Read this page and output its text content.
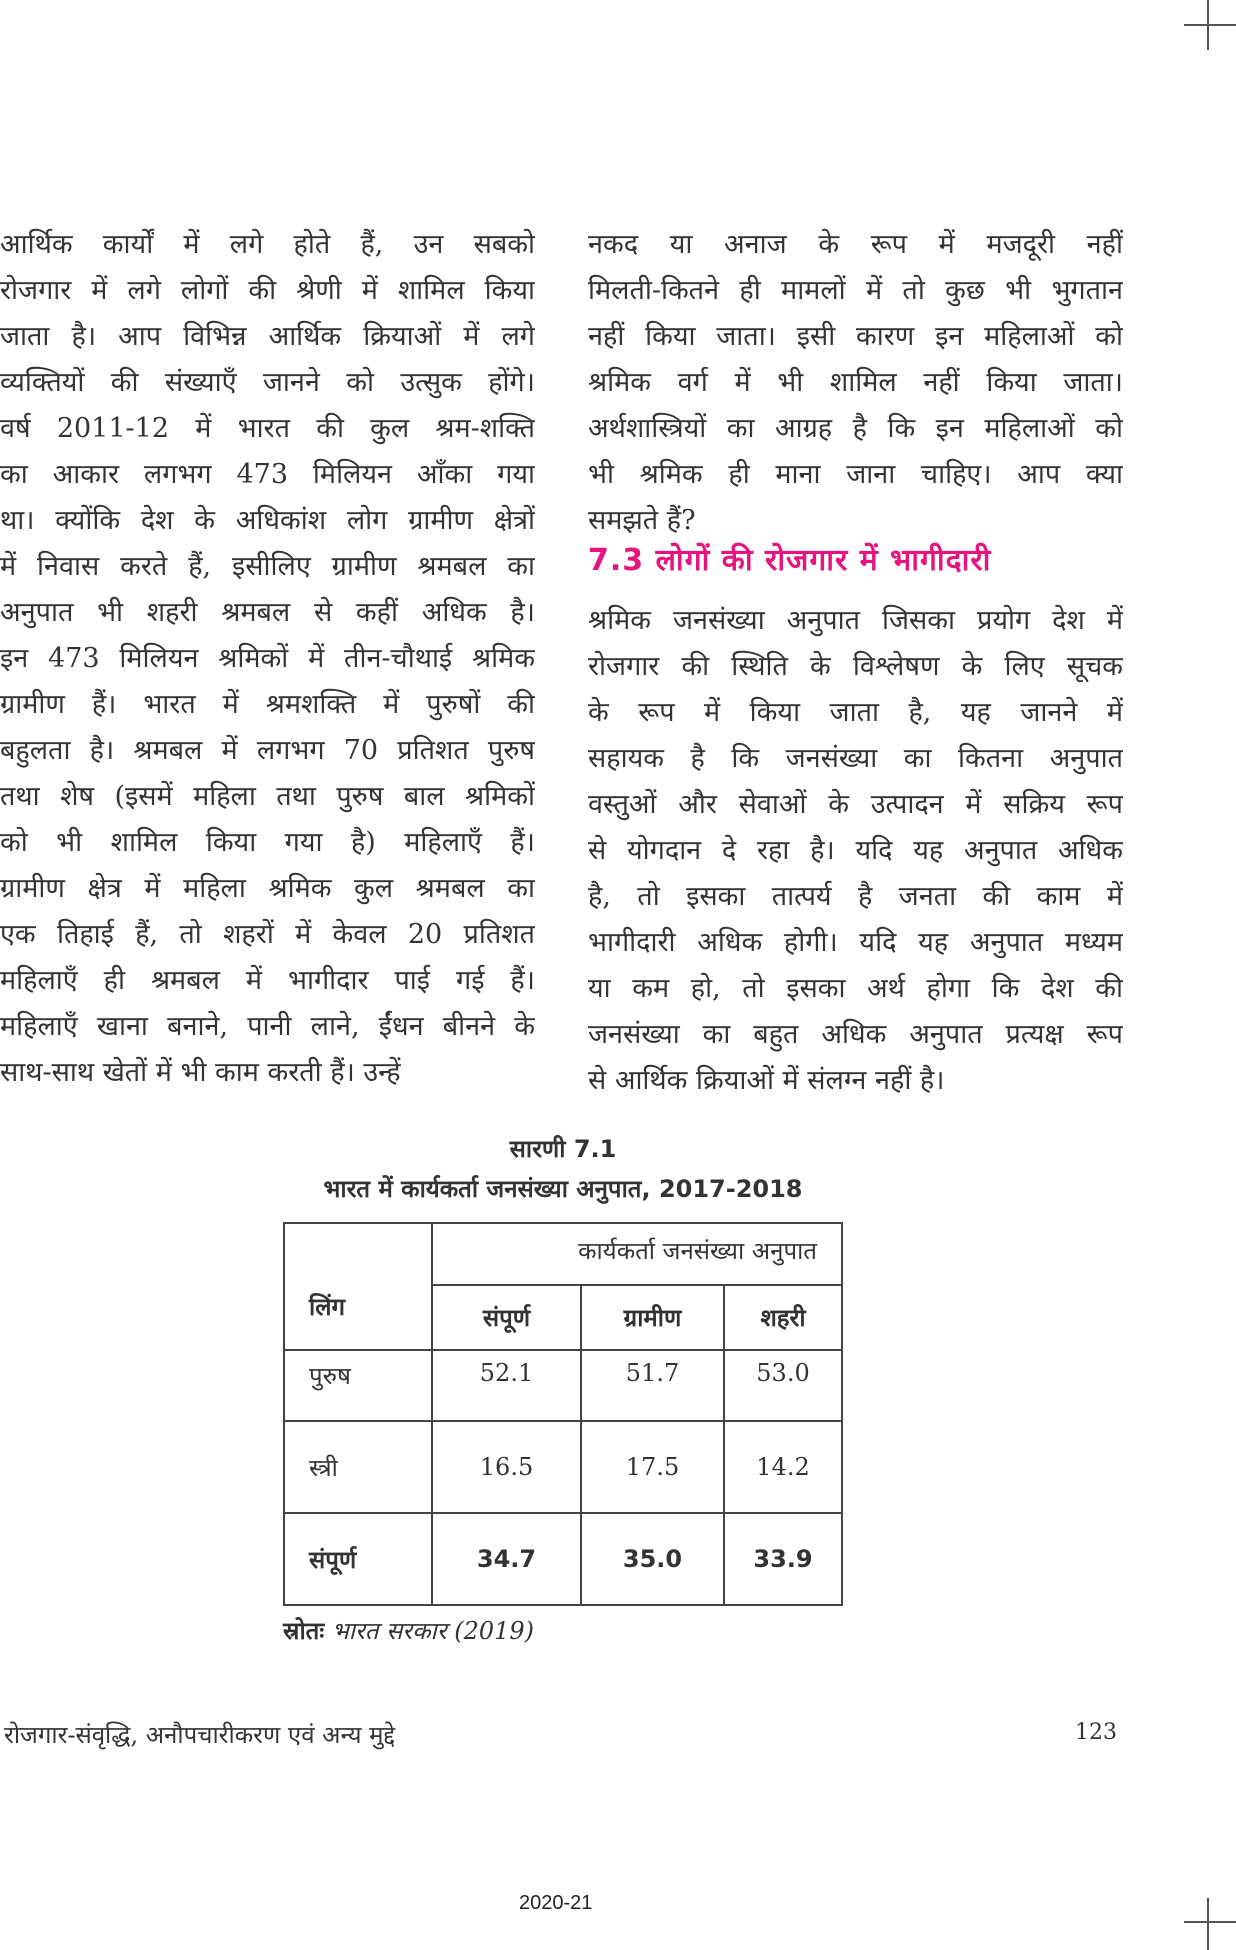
आर्थिक कार्यों में लगे होते हैं, उन सबको
रोजगार में लगे लोगों की श्रेणी में शामिल किया
जाता है। आप विभिन्न आर्थिक क्रियाओं में लगे
व्यक्तियों की संख्याएँ जानने को उत्सुक होंगे।
वर्ष 2011-12 में भारत की कुल श्रम-शक्ति
का आकार लगभग 473 मिलियन आँका गया
था। क्योंकि देश के अधिकांश लोग ग्रामीण क्षेत्रों
में निवास करते हैं, इसीलिए ग्रामीण श्रमबल का
अनुपात भी शहरी श्रमबल से कहीं अधिक है।
इन 473 मिलियन श्रमिकों में तीन-चौथाई श्रमिक
ग्रामीण हैं। भारत में श्रमशक्ति में पुरुषों की
बहुलता है। श्रमबल में लगभग 70 प्रतिशत पुरुष
तथा शेष (इसमें महिला तथा पुरुष बाल श्रमिकों
को भी शामिल किया गया है) महिलाएँ हैं।
ग्रामीण क्षेत्र में महिला श्रमिक कुल श्रमबल का
एक तिहाई हैं, तो शहरों में केवल 20 प्रतिशत
महिलाएँ ही श्रमबल में भागीदार पाई गई हैं।
महिलाएँ खाना बनाने, पानी लाने, ईंधन बीनने के
साथ-साथ खेतों में भी काम करती हैं। उन्हें
नकद या अनाज के रूप में मजदूरी नहीं
मिलती-कितने ही मामलों में तो कुछ भी भुगतान
नहीं किया जाता। इसी कारण इन महिलाओं को
श्रमिक वर्ग में भी शामिल नहीं किया जाता।
अर्थशास्त्रियों का आग्रह है कि इन महिलाओं को
भी श्रमिक ही माना जाना चाहिए। आप क्या
समझते हैं?
7.3 लोगों की रोजगार में भागीदारी
श्रमिक जनसंख्या अनुपात जिसका प्रयोग देश में
रोजगार की स्थिति के विश्लेषण के लिए सूचक
के रूप में किया जाता है, यह जानने में
सहायक है कि जनसंख्या का कितना अनुपात
वस्तुओं और सेवाओं के उत्पादन में सक्रिय रूप
से योगदान दे रहा है। यदि यह अनुपात अधिक
है, तो इसका तात्पर्य है जनता की काम में
भागीदारी अधिक होगी। यदि यह अनुपात मध्यम
या कम हो, तो इसका अर्थ होगा कि देश की
जनसंख्या का बहुत अधिक अनुपात प्रत्यक्ष रूप
से आर्थिक क्रियाओं में संलग्न नहीं है।
सारणी 7.1
भारत में कार्यकर्ता जनसंख्या अनुपात, 2017-2018
लिंग	कार्यकर्ता जनसंख्या अनुपात		
	संपूर्ण	ग्रामीण	शहरी
पुरुष	52.1	51.7	53.0
स्त्री	16.5	17.5	14.2
संपूर्ण	34.7	35.0	33.9
स्रोतः भारत सरकार (2019)
रोजगार-संवृद्धि, अनौपचारीकरण एवं अन्य मुद्दे	123
2020-21
